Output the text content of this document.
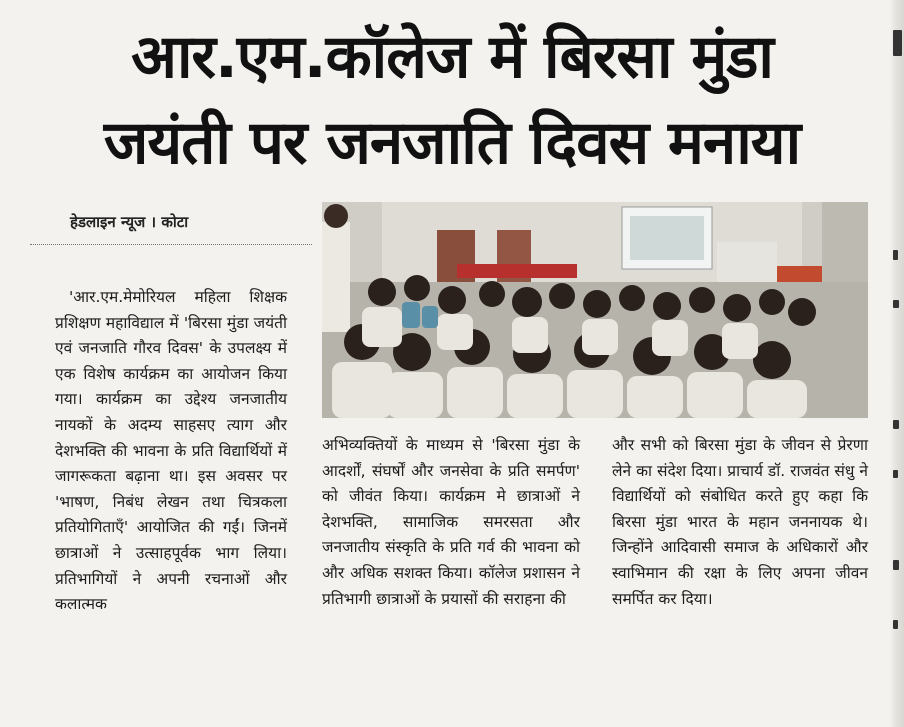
आर.एम.कॉलेज में बिरसा मुंडा
जयंती पर जनजाति दिवस मनाया
हेडलाइन न्यूज । कोटा

'आर.एम.मेमोरियल महिला शिक्षक प्रशिक्षण महाविद्याल में 'बिरसा मुंडा जयंती एवं जनजाति गौरव दिवस' के उपलक्ष्य में एक विशेष कार्यक्रम का आयोजन किया गया। कार्यक्रम का उद्देश्य जनजातीय नायकों के अदम्य साहसए त्याग और देशभक्ति की भावना के प्रति विद्यार्थियों में जागरूकता बढ़ाना था। इस अवसर पर 'भाषण, निबंध लेखन तथा चित्रकला प्रतियोगिताएँ' आयोजित की गईं। जिनमें छात्राओं ने उत्साहपूर्वक भाग लिया। प्रतिभागियों ने अपनी रचनाओं और कलात्मक

अभिव्यक्तियों के माध्यम से 'बिरसा मुंडा के आदर्शों, संघर्षों और जनसेवा के प्रति समर्पण' को जीवंत किया। कार्यक्रम मे छात्राओं ने देशभक्ति, सामाजिक समरसता और जनजातीय संस्कृति के प्रति गर्व की भावना को और अधिक सशक्त किया। कॉलेज प्रशासन ने प्रतिभागी छात्राओं के प्रयासों की सराहना की

और सभी को बिरसा मुंडा के जीवन से प्रेरणा लेने का संदेश दिया। प्राचार्य डॉ. राजवंत संधु ने विद्यार्थियों को संबोधित करते हुए कहा कि बिरसा मुंडा भारत के महान जननायक थे। जिन्होंने आदिवासी समाज के अधिकारों और स्वाभिमान की रक्षा के लिए अपना जीवन समर्पित कर दिया।
